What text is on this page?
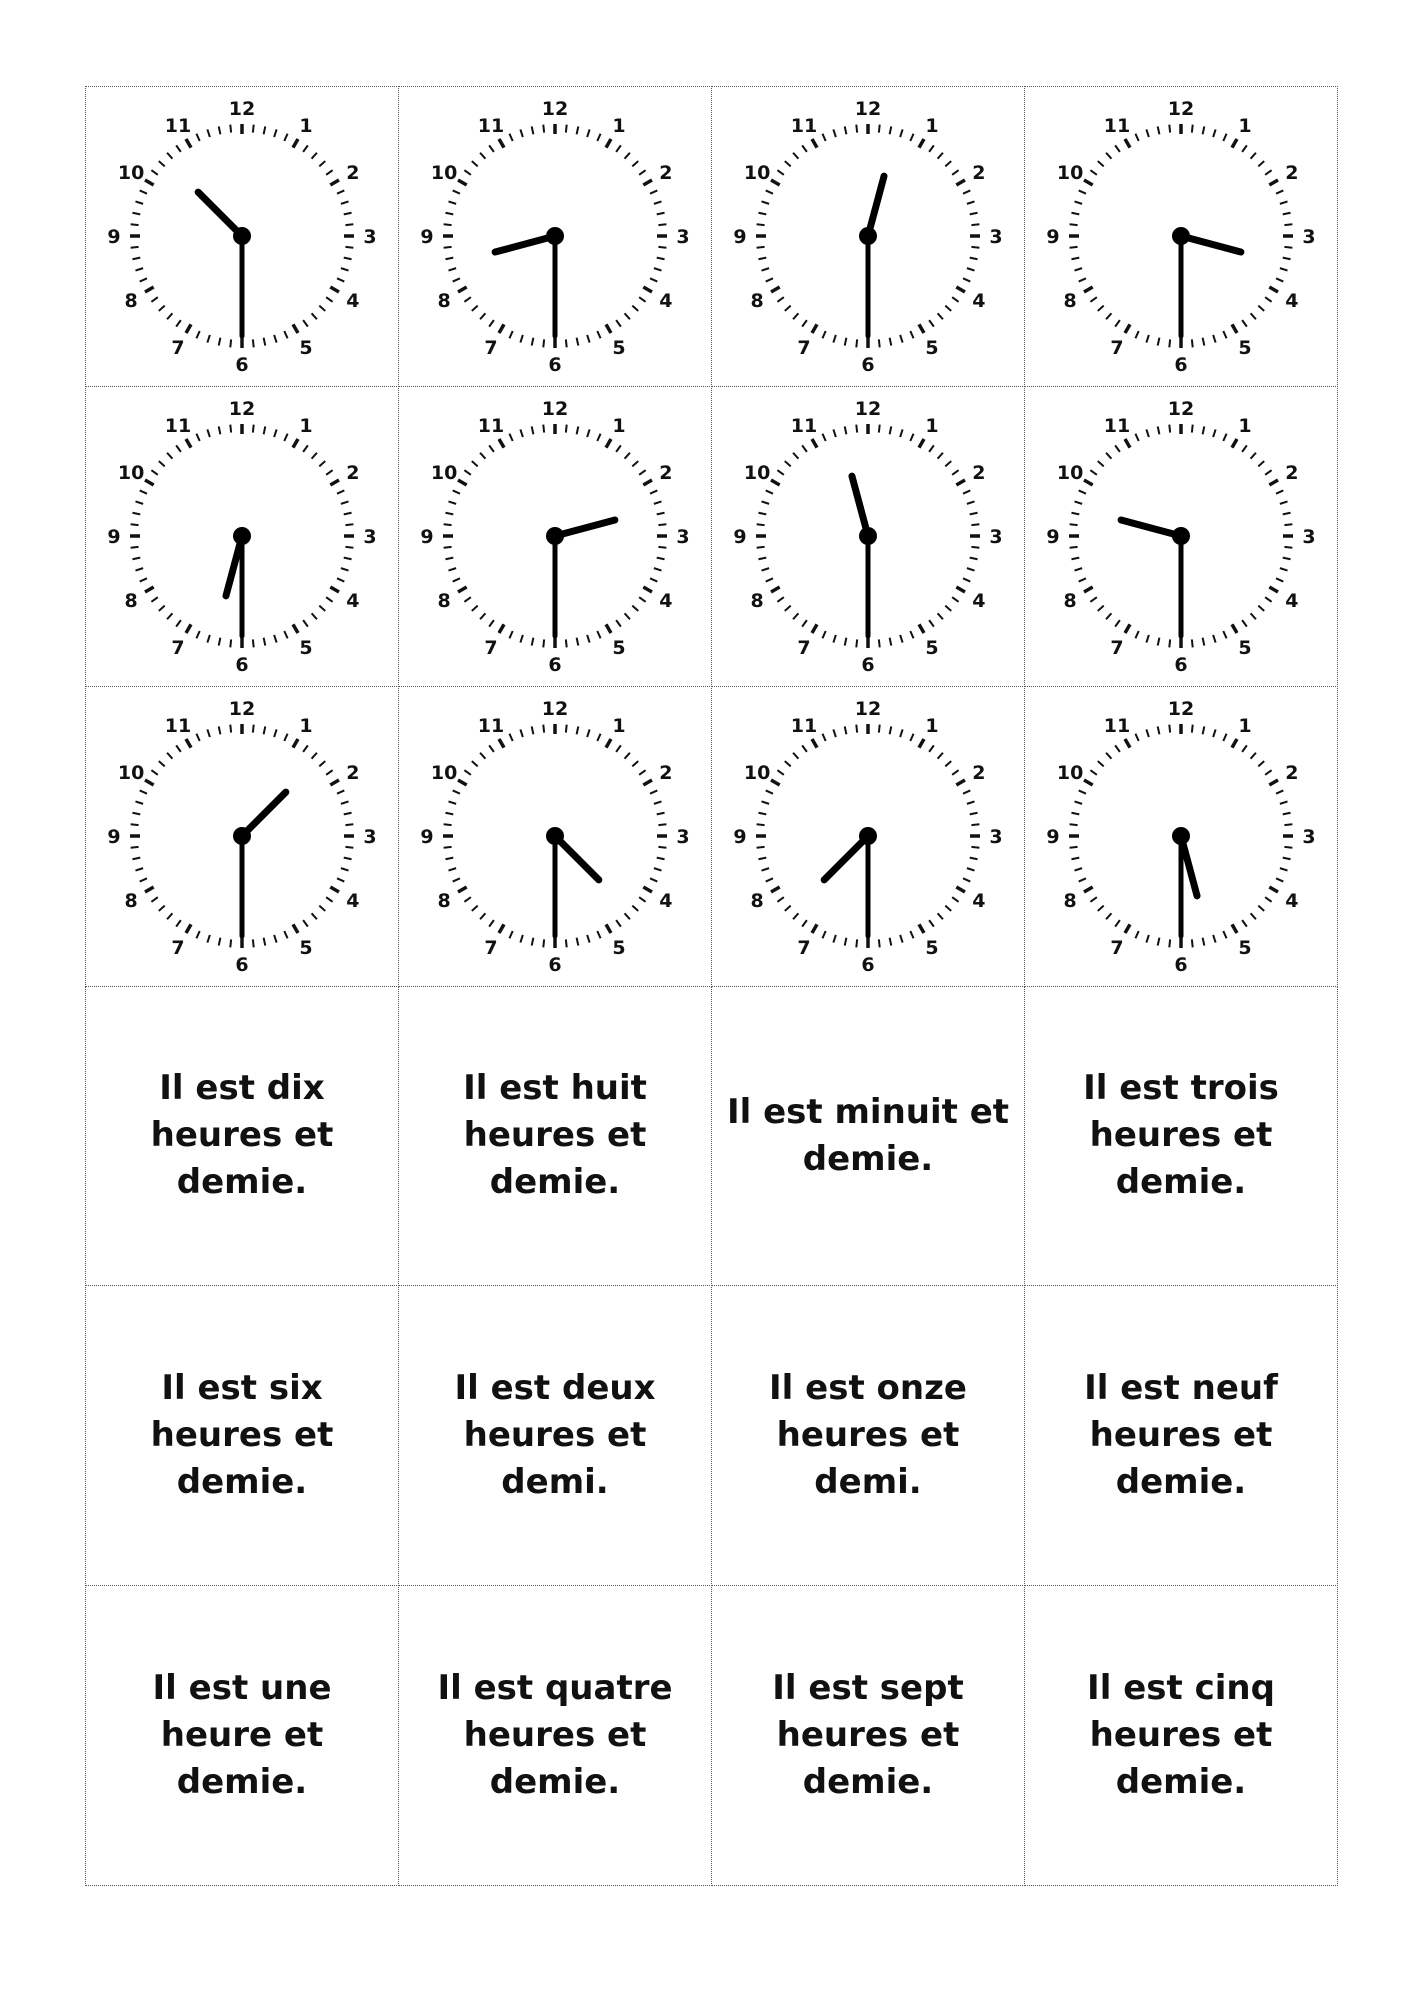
12
1
2
3
4
5
6
7
8
9
10
11
12
1
2
3
4
5
6
7
8
9
10
11
12
1
2
3
4
5
6
7
8
9
10
11
12
1
2
3
4
5
6
7
8
9
10
11
12
1
2
3
4
5
6
7
8
9
10
11
12
1
2
3
4
5
6
7
8
9
10
11
12
1
2
3
4
5
6
7
8
9
10
11
12
1
2
3
4
5
6
7
8
9
10
11
12
1
2
3
4
5
6
7
8
9
10
11
12
1
2
3
4
5
6
7
8
9
10
11
12
1
2
3
4
5
6
7
8
9
10
11
12
1
2
3
4
5
6
7
8
9
10
11
Il est dix heures et demie.
Il est huit heures et demie.
Il est minuit et demie.
Il est trois heures et demie.
Il est six heures et demie.
Il est deux heures et demi.
Il est onze heures et demi.
Il est neuf heures et demie.
Il est une heure et demie.
Il est quatre heures et demie.
Il est sept heures et demie.
Il est cinq heures et demie.
